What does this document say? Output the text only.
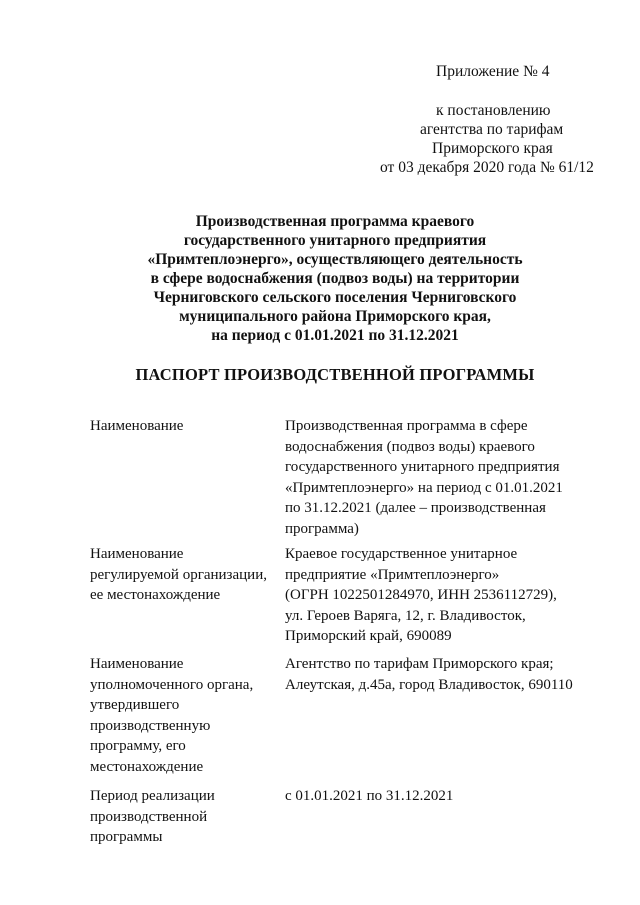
Приложение № 4
к постановлению
агентства по тарифам
Приморского края
от 03 декабря 2020 года № 61/12
Производственная программа краевого
государственного унитарного предприятия
«Примтеплоэнерго», осуществляющего деятельность
в сфере водоснабжения (подвоз воды) на территории
Черниговского сельского поселения Черниговского
муниципального района Приморского края,
на период с 01.01.2021 по 31.12.2021
ПАСПОРТ ПРОИЗВОДСТВЕННОЙ ПРОГРАММЫ
Наименование	Производственная программа в сфере
водоснабжения (подвоз воды) краевого
государственного унитарного предприятия
«Примтеплоэнерго» на период с 01.01.2021
по 31.12.2021 (далее – производственная
программа)
Наименование
регулируемой организации,
ее местонахождение
Краевое государственное унитарное
предприятие «Примтеплоэнерго»
(ОГРН 1022501284970, ИНН 2536112729),
ул. Героев Варяга, 12, г. Владивосток,
Приморский край, 690089
Наименование
уполномоченного органа,
утвердившего
производственную
программу, его
местонахождение
Агентство по тарифам Приморского края;
Алеутская, д.45а, город Владивосток, 690110
Период реализации
производственной
программы
с 01.01.2021 по 31.12.2021
